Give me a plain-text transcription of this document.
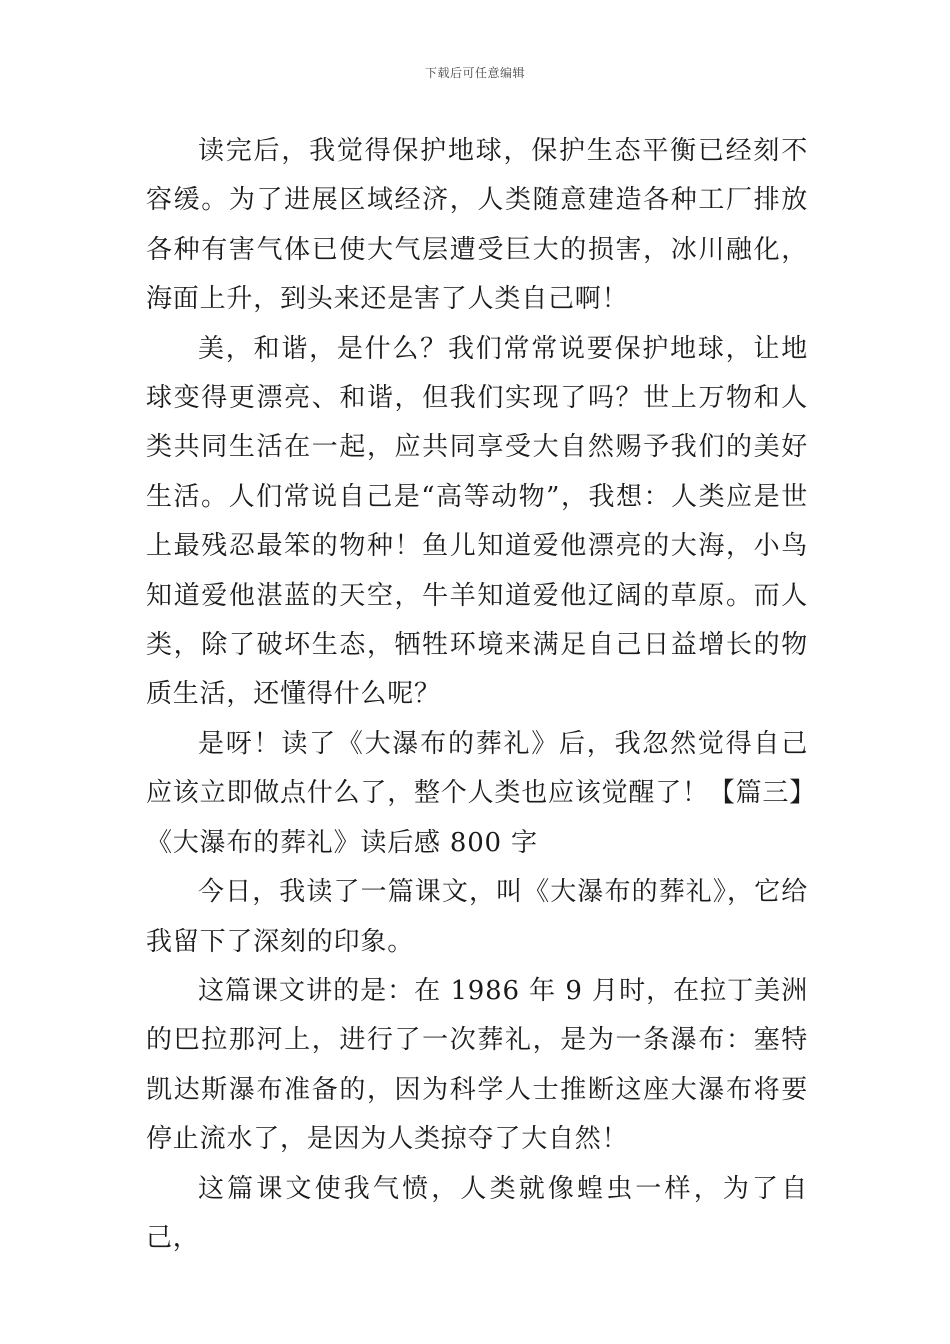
下载后可任意编辑

读完后，我觉得保护地球，保护生态平衡已经刻不容缓。为了进展区域经济，人类随意建造各种工厂排放各种有害气体已使大气层遭受巨大的损害，冰川融化，海面上升，到头来还是害了人类自己啊！

美，和谐，是什么？我们常常说要保护地球，让地球变得更漂亮、和谐，但我们实现了吗？世上万物和人类共同生活在一起，应共同享受大自然赐予我们的美好生活。人们常说自己是“高等动物”，我想：人类应是世上最残忍最笨的物种！鱼儿知道爱他漂亮的大海，小鸟知道爱他湛蓝的天空，牛羊知道爱他辽阔的草原。而人类，除了破坏生态，牺牲环境来满足自己日益增长的物质生活，还懂得什么呢？

是呀！读了《大瀑布的葬礼》后，我忽然觉得自己应该立即做点什么了，整个人类也应该觉醒了！【篇三】

《大瀑布的葬礼》读后感 800 字

今日，我读了一篇课文，叫《大瀑布的葬礼》，它给我留下了深刻的印象。

这篇课文讲的是：在 1986 年 9 月时，在拉丁美洲的巴拉那河上，进行了一次葬礼，是为一条瀑布：塞特凯达斯瀑布准备的，因为科学人士推断这座大瀑布将要停止流水了，是因为人类掠夺了大自然！

这篇课文使我气愤，人类就像蝗虫一样，为了自己，
